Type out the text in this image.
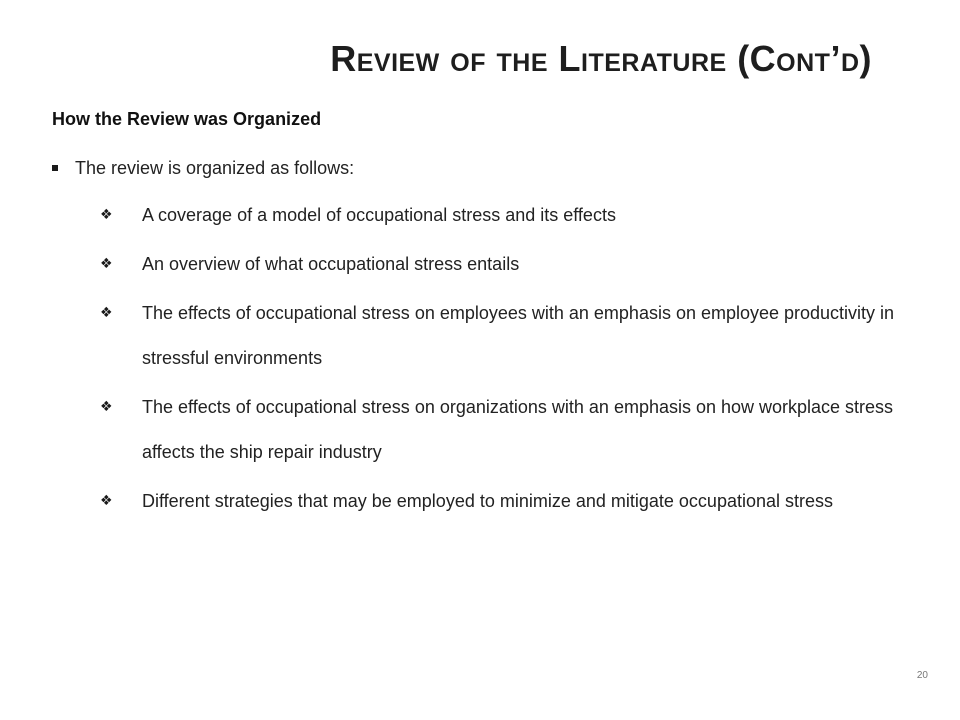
Review of the Literature (Cont’d)
How the Review was Organized
The review is organized as follows:
❖ A coverage of a model of occupational stress and its effects
❖ An overview of what occupational stress entails
❖ The effects of occupational stress on employees with an emphasis on employee productivity in stressful environments
❖ The effects of occupational stress on organizations with an emphasis on how workplace stress affects the ship repair industry
❖ Different strategies that may be employed to minimize and mitigate occupational stress
20
